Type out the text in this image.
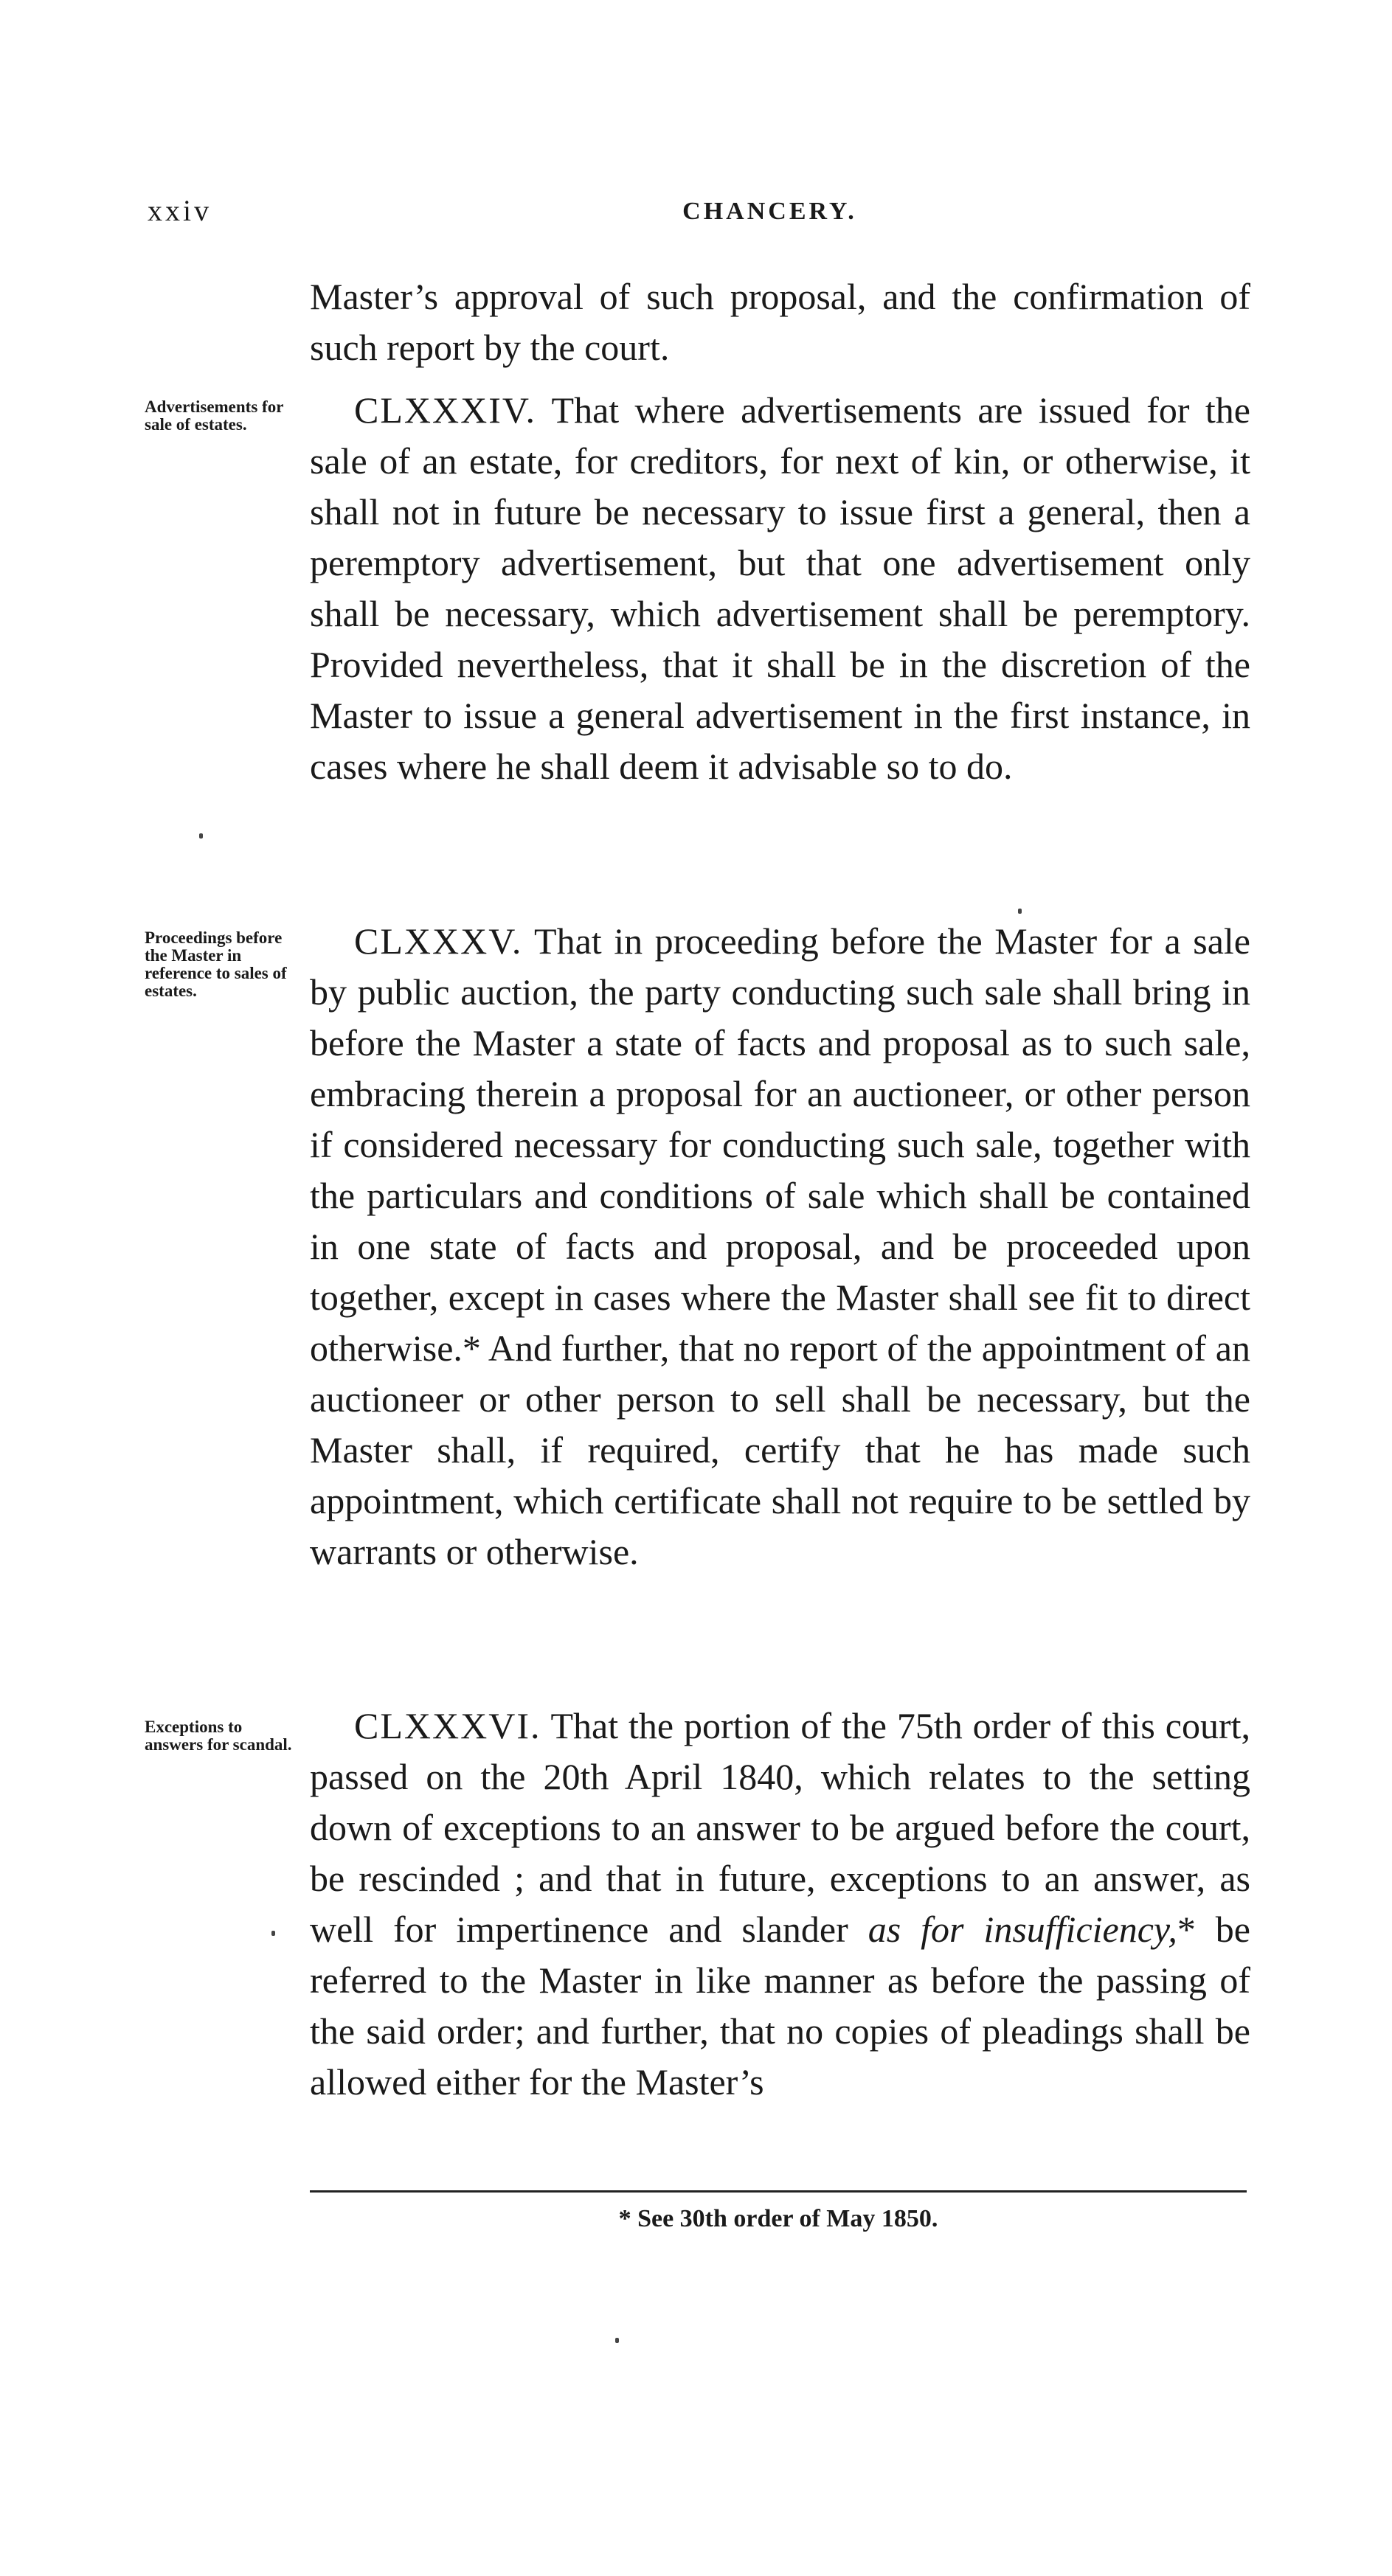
xxiv	CHANCERY.
Master’s approval of such proposal, and the confirmation of such report by the court.
Advertisements for sale of estates.	CLXXXIV. That where advertisements are issued for the sale of an estate, for creditors, for next of kin, or otherwise, it shall not in future be necessary to issue first a general, then a peremptory advertisement, but that one advertisement only shall be necessary, which advertisement shall be peremptory. Provided nevertheless, that it shall be in the discretion of the Master to issue a general advertisement in the first instance, in cases where he shall deem it advisable so to do.
Proceedings before the Master in reference to sales of estates.
CLXXXV. That in proceeding before the Master for a sale by public auction, the party conducting such sale shall bring in before the Master a state of facts and proposal as to such sale, embracing therein a proposal for an auctioneer, or other person if considered necessary for conducting such sale, together with the particulars and conditions of sale which shall be contained in one state of facts and proposal, and be proceeded upon together, except in cases where the Master shall see fit to direct otherwise.* And further, that no report of the appointment of an auctioneer or other person to sell shall be necessary, but the Master shall, if required, certify that he has made such appointment, which certificate shall not require to be settled by warrants or otherwise.
Exceptions to answers for scandal.	CLXXXVI. That the portion of the 75th order of this court, passed on the 20th April 1840, which relates to the setting down of exceptions to an answer to be argued before the court, be rescinded ; and that in future, exceptions to an answer, as well for impertinence and slander as for insufficiency,* be referred to the Master in like manner as before the passing of the said order; and further, that no copies of pleadings shall be allowed either for the Master’s
* See 30th order of May 1850.
